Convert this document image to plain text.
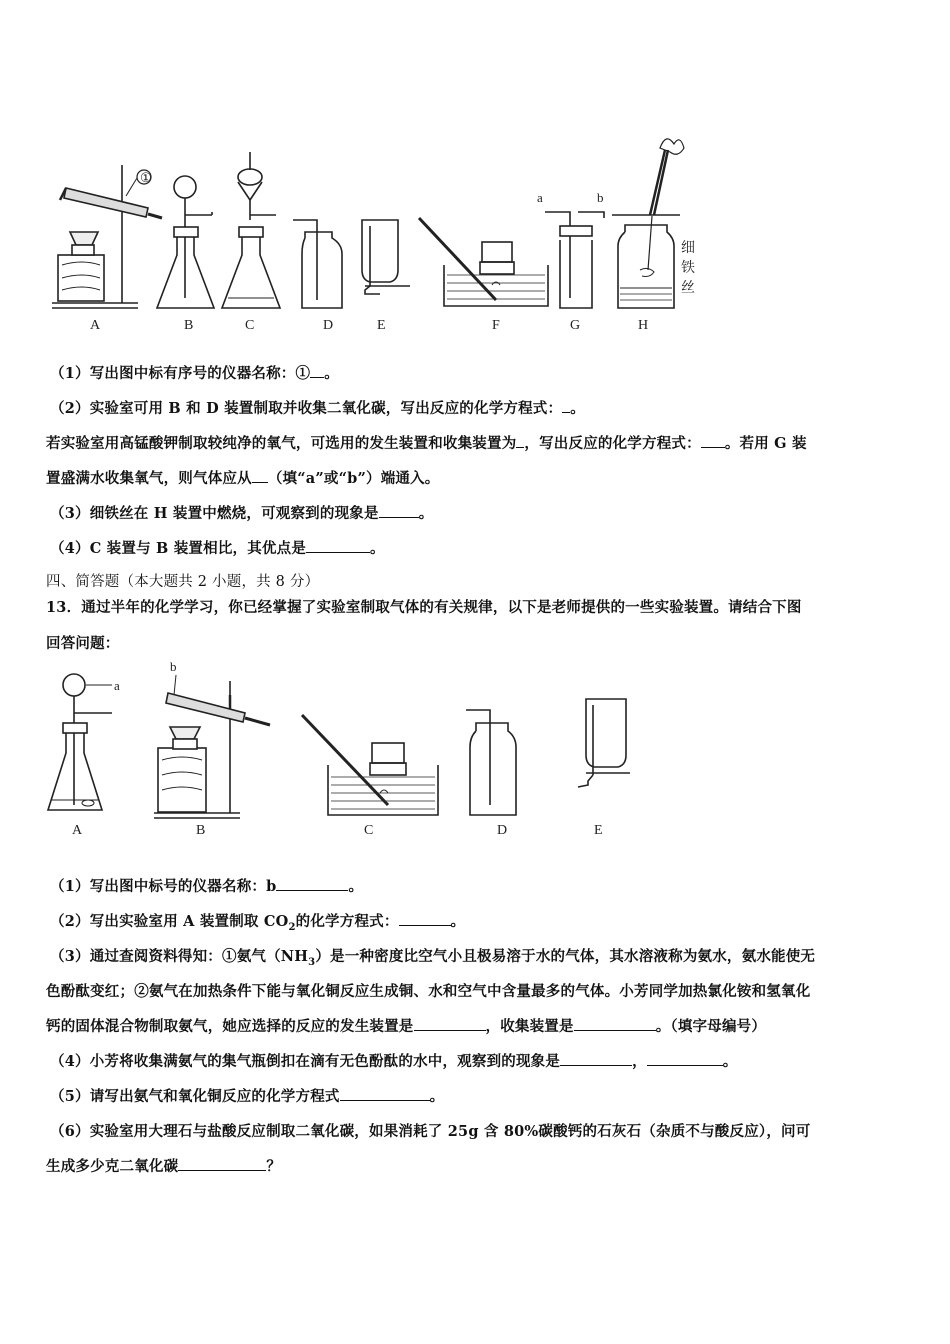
a	b
细
铁
丝
①
A	B	C	D	E	F	G	H
（1）写出图中标有序号的仪器名称：① 。
（2）实验室可用 B 和 D 装置制取并收集二氧化碳，写出反应的化学方程式： 。
若实验室用高锰酸钾制取较纯净的氧气，可选用的发生装置和收集装置为 ，写出反应的化学方程式： 。若用 G 装
置盛满水收集氧气，则气体应从 （填“a”或“b”）端通入。
（3）细铁丝在 H 装置中燃烧，可观察到的现象是	。
（4）C 装置与 B 装置相比，其优点是	。
四、简答题（本大题共 2 小题，共 8 分）
13．通过半年的化学学习，你已经掌握了实验室制取气体的有关规律，以下是老师提供的一些实验装置。请结合下图
回答问题：
b
a
A	B	C	D	E
（1）写出图中标号的仪器名称：b	。
（2）写出实验室用 A 装置制取 $CO_2$的化学方程式：	。
（3）通过查阅资料得知：①氨气$(NH_3)$是一种密度比空气小且极易溶于水的气体，其水溶液称为氨水，氨水能使无
色酚酞变红；②氨气在加热条件下能与氧化铜反应生成铜、水和空气中含量最多的气体。小芳同学加热氯化铵和氢氧化
钙的固体混合物制取氨气，她应选择的反应的发生装置是	，收集装置是	。（填字母编号）
（4）小芳将收集满氨气的集气瓶倒扣在滴有无色酚酞的水中，观察到的现象是	，	。
（5）请写出氨气和氧化铜反应的化学方程式	。
（6）实验室用大理石与盐酸反应制取二氧化碳，如果消耗了 25g 含 80%碳酸钙的石灰石（杂质不与酸反应），问可
生成多少克二氧化碳	？
